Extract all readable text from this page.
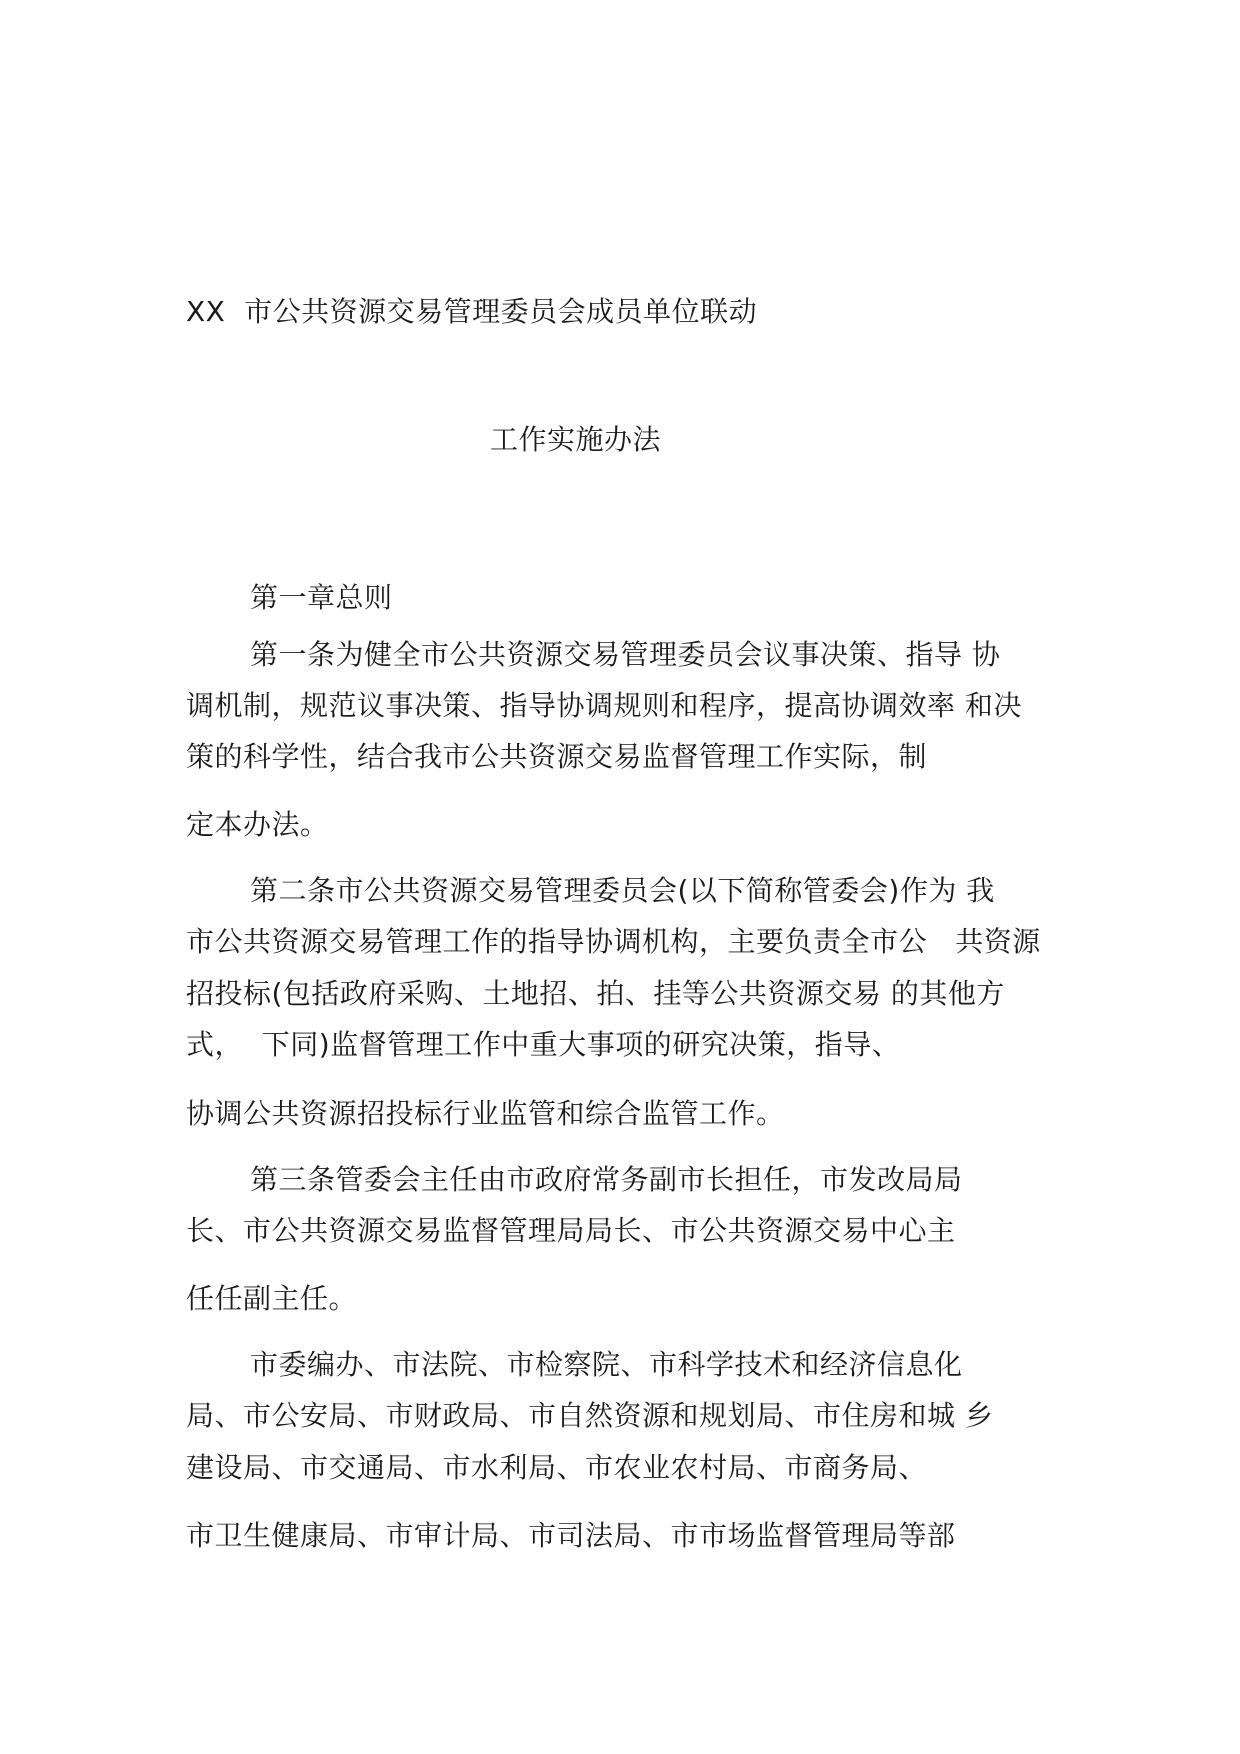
XX  市公共资源交易管理委员会成员单位联动
工作实施办法
第一章总则
第一条为健全市公共资源交易管理委员会议事决策、指导 协
调机制，规范议事决策、指导协调规则和程序，提高协调效率 和决
策的科学性，结合我市公共资源交易监督管理工作实际，制
定本办法。
第二条市公共资源交易管理委员会(以下简称管委会)作为 我
市公共资源交易管理工作的指导协调机构，主要负责全市公   共资源
招投标(包括政府采购、土地招、拍、挂等公共资源交易 的其他方
式，  下同)监督管理工作中重大事项的研究决策，指导、
协调公共资源招投标行业监管和综合监管工作。
第三条管委会主任由市政府常务副市长担任，市发改局局
长、市公共资源交易监督管理局局长、市公共资源交易中心主
任任副主任。
市委编办、市法院、市检察院、市科学技术和经济信息化
局、市公安局、市财政局、市自然资源和规划局、市住房和城 乡
建设局、市交通局、市水利局、市农业农村局、市商务局、
市卫生健康局、市审计局、市司法局、市市场监督管理局等部
